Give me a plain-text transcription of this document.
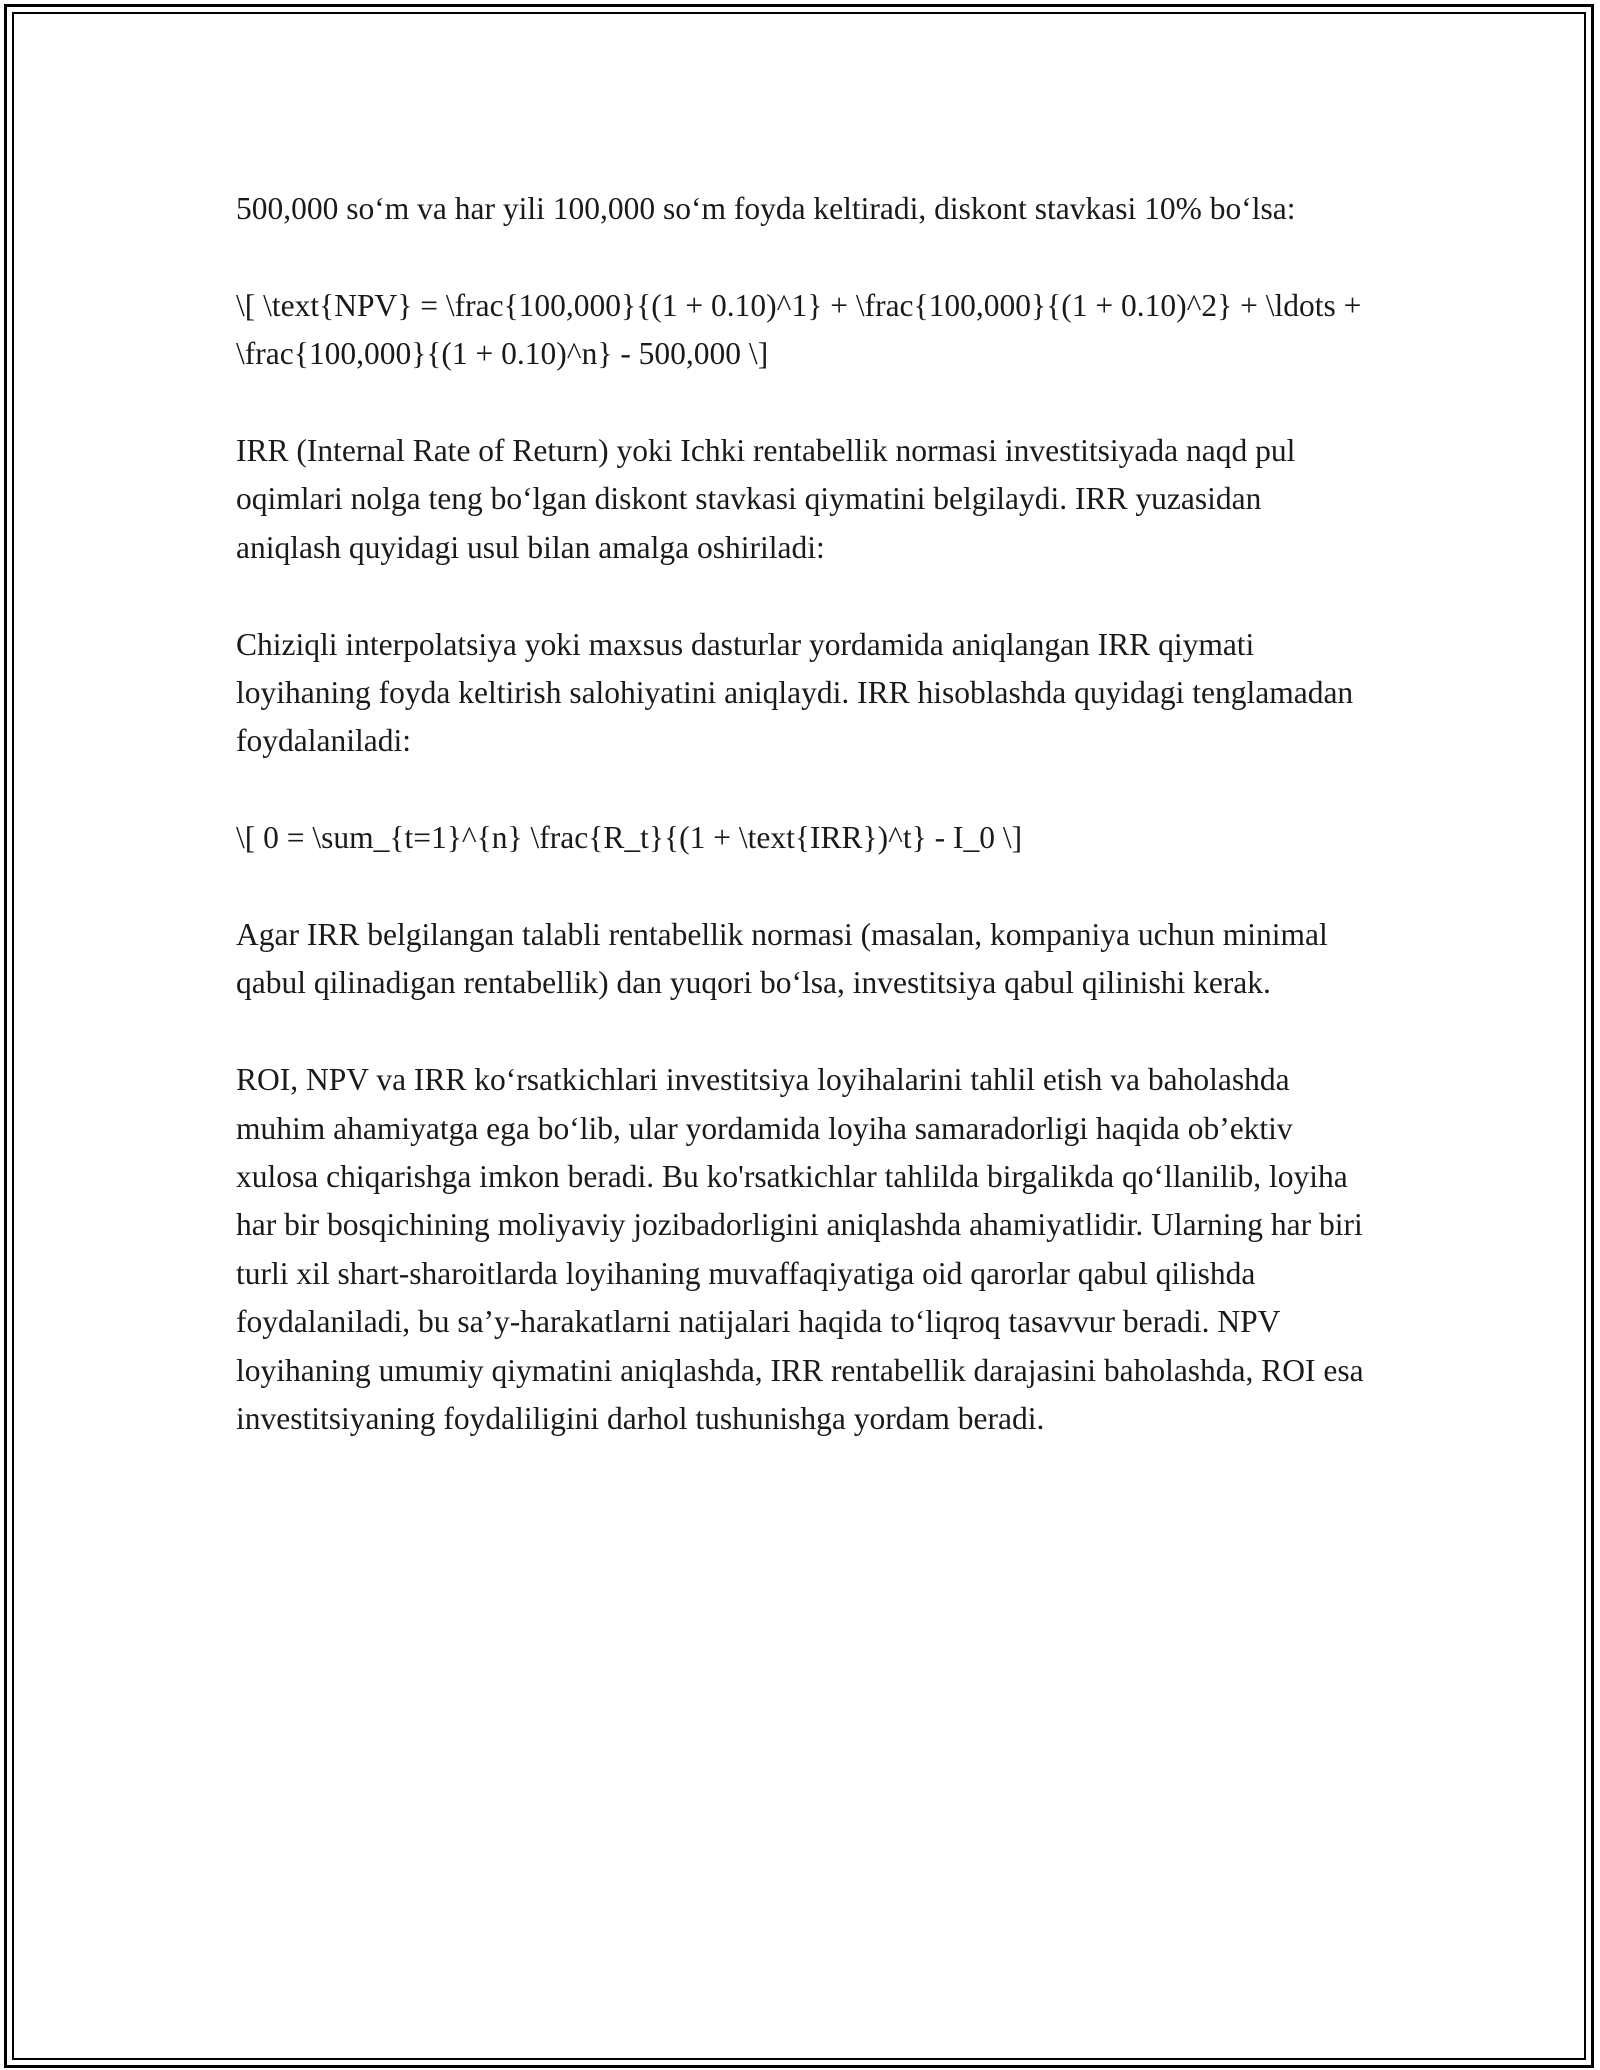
500,000 so‘m va har yili 100,000 so‘m foyda keltiradi, diskont stavkasi 10% bo‘lsa:

\[ \text{NPV} = \frac{100,000}{(1 + 0.10)^1} + \frac{100,000}{(1 + 0.10)^2} + \ldots + \frac{100,000}{(1 + 0.10)^n} - 500,000 \]

IRR (Internal Rate of Return) yoki Ichki rentabellik normasi investitsiyada naqd pul oqimlari nolga teng bo‘lgan diskont stavkasi qiymatini belgilaydi. IRR yuzasidan aniqlash quyidagi usul bilan amalga oshiriladi:

Chiziqli interpolatsiya yoki maxsus dasturlar yordamida aniqlangan IRR qiymati loyihaning foyda keltirish salohiyatini aniqlaydi. IRR hisoblashda quyidagi tenglamadan foydalaniladi:

\[ 0 = \sum_{t=1}^{n} \frac{R_t}{(1 + \text{IRR})^t} - I_0 \]

Agar IRR belgilangan talabli rentabellik normasi (masalan, kompaniya uchun minimal qabul qilinadigan rentabellik) dan yuqori bo‘lsa, investitsiya qabul qilinishi kerak.

ROI, NPV va IRR ko‘rsatkichlari investitsiya loyihalarini tahlil etish va baholashda muhim ahamiyatga ega bo‘lib, ular yordamida loyiha samaradorligi haqida ob’ektiv xulosa chiqarishga imkon beradi. Bu ko'rsatkichlar tahlilda birgalikda qo‘llanilib, loyiha har bir bosqichining moliyaviy jozibadorligini aniqlashda ahamiyatlidir. Ularning har biri turli xil shart-sharoitlarda loyihaning muvaffaqiyatiga oid qarorlar qabul qilishda foydalaniladi, bu sa’y-harakatlarni natijalari haqida to‘liqroq tasavvur beradi. NPV loyihaning umumiy qiymatini aniqlashda, IRR rentabellik darajasini baholashda, ROI esa investitsiyaning foydaliligini darhol tushunishga yordam beradi.
